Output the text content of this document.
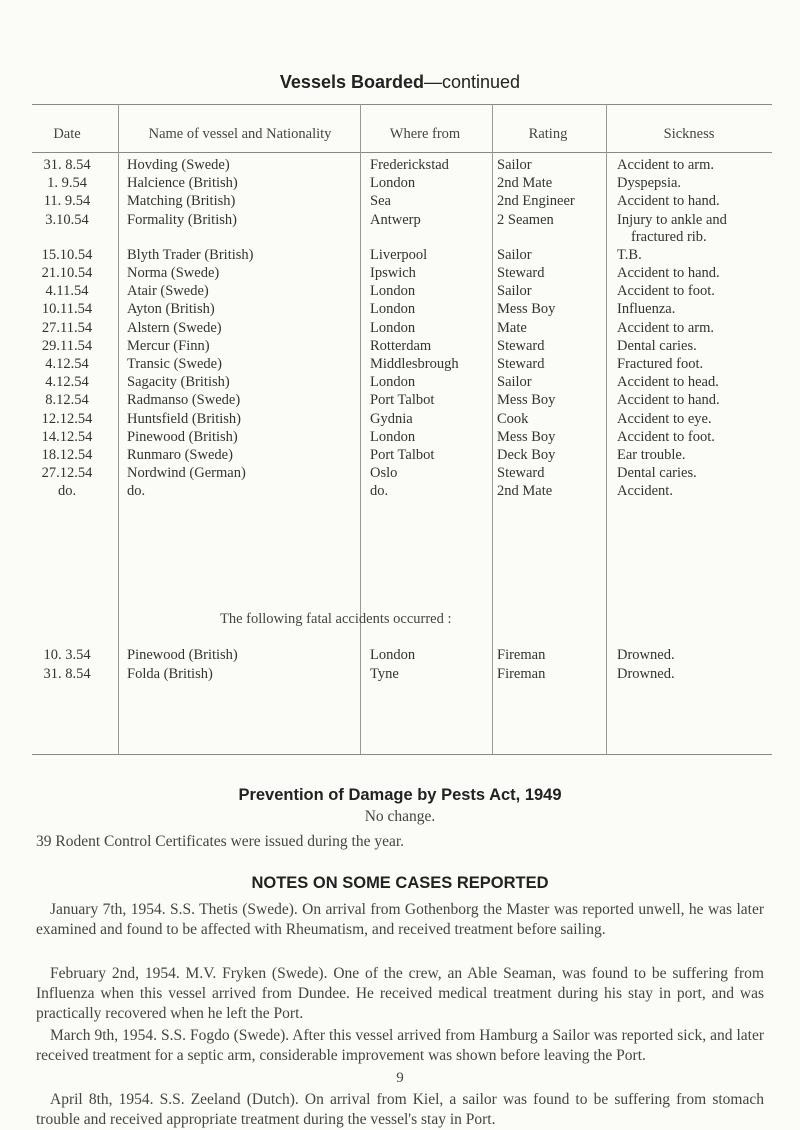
Vessels Boarded—continued
Date	Name of vessel and Nationality	Where from	Rating	Sickness
31. 8.54	Hovding (Swede)	Frederickstad	Sailor	Accident to arm.
1. 9.54	Halcience (British)	London	2nd Mate	Dyspepsia.
11. 9.54	Matching (British)	Sea	2nd Engineer	Accident to hand.
3.10.54	Formality (British)	Antwerp	2 Seamen	Injury to ankle and
fractured rib.
15.10.54	Blyth Trader (British)	Liverpool	Sailor	T.B.
21.10.54	Norma (Swede)	Ipswich	Steward	Accident to hand.
4.11.54	Atair (Swede)	London	Sailor	Accident to foot.
10.11.54	Ayton (British)	London	Mess Boy	Influenza.
27.11.54	Alstern (Swede)	London	Mate	Accident to arm.
29.11.54	Mercur (Finn)	Rotterdam	Steward	Dental caries.
4.12.54	Transic (Swede)	Middlesbrough	Steward	Fractured foot.
4.12.54	Sagacity (British)	London	Sailor	Accident to head.
8.12.54	Radmanso (Swede)	Port Talbot	Mess Boy	Accident to hand.
12.12.54	Huntsfield (British)	Gydnia	Cook	Accident to eye.
14.12.54	Pinewood (British)	London	Mess Boy	Accident to foot.
18.12.54	Runmaro (Swede)	Port Talbot	Deck Boy	Ear trouble.
27.12.54	Nordwind (German)	Oslo	Steward	Dental caries.
do.	do.	do.	2nd Mate	Accident.
The following fatal accidents occurred :
10. 3.54	Pinewood (British)	London	Fireman	Drowned.
31. 8.54	Folda (British)	Tyne	Fireman	Drowned.
Prevention of Damage by Pests Act, 1949
No change.
39 Rodent Control Certificates were issued during the year.
NOTES ON SOME CASES REPORTED
January 7th, 1954. S.S. Thetis (Swede). On arrival from Gothenborg the Master was reported unwell, he was later examined and found to be affected with Rheumatism, and received treatment before sailing.
February 2nd, 1954. M.V. Fryken (Swede). One of the crew, an Able Seaman, was found to be suffering from Influenza when this vessel arrived from Dundee. He received medical treatment during his stay in port, and was practically recovered when he left the Port.
March 9th, 1954. S.S. Fogdo (Swede). After this vessel arrived from Hamburg a Sailor was reported sick, and later received treatment for a septic arm, considerable improvement was shown before leaving the Port.
April 8th, 1954. S.S. Zeeland (Dutch). On arrival from Kiel, a sailor was found to be suffering from stomach trouble and received appropriate treatment during the vessel's stay in Port.
9
